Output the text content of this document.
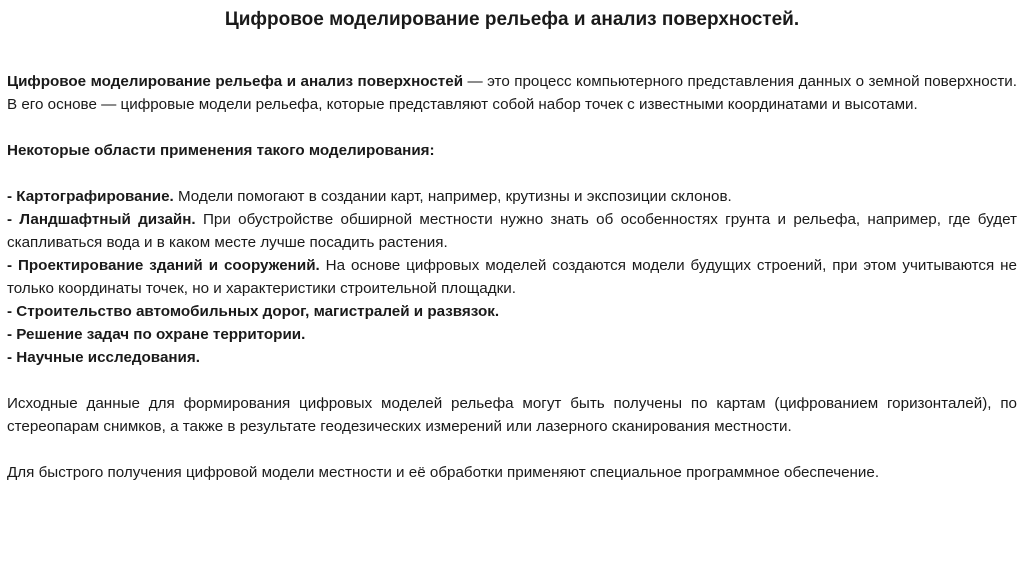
Цифровое моделирование рельефа и анализ поверхностей.

Цифровое моделирование рельефа и анализ поверхностей — это процесс компьютерного представления данных о земной поверхности. В его основе — цифровые модели рельефа, которые представляют собой набор точек с известными координатами и высотами.

Некоторые области применения такого моделирования:

- Картографирование. Модели помогают в создании карт, например, крутизны и экспозиции склонов.

- Ландшафтный дизайн. При обустройстве обширной местности нужно знать об особенностях грунта и рельефа, например, где будет скапливаться вода и в каком месте лучше посадить растения.

- Проектирование зданий и сооружений. На основе цифровых моделей создаются модели будущих строений, при этом учитываются не только координаты точек, но и характеристики строительной площадки.

- Строительство автомобильных дорог, магистралей и развязок.

- Решение задач по охране территории.

- Научные исследования.

Исходные данные для формирования цифровых моделей рельефа могут быть получены по картам (цифрованием горизонталей), по стереопарам снимков, а также в результате геодезических измерений или лазерного сканирования местности.

Для быстрого получения цифровой модели местности и её обработки применяют специальное программное обеспечение.
